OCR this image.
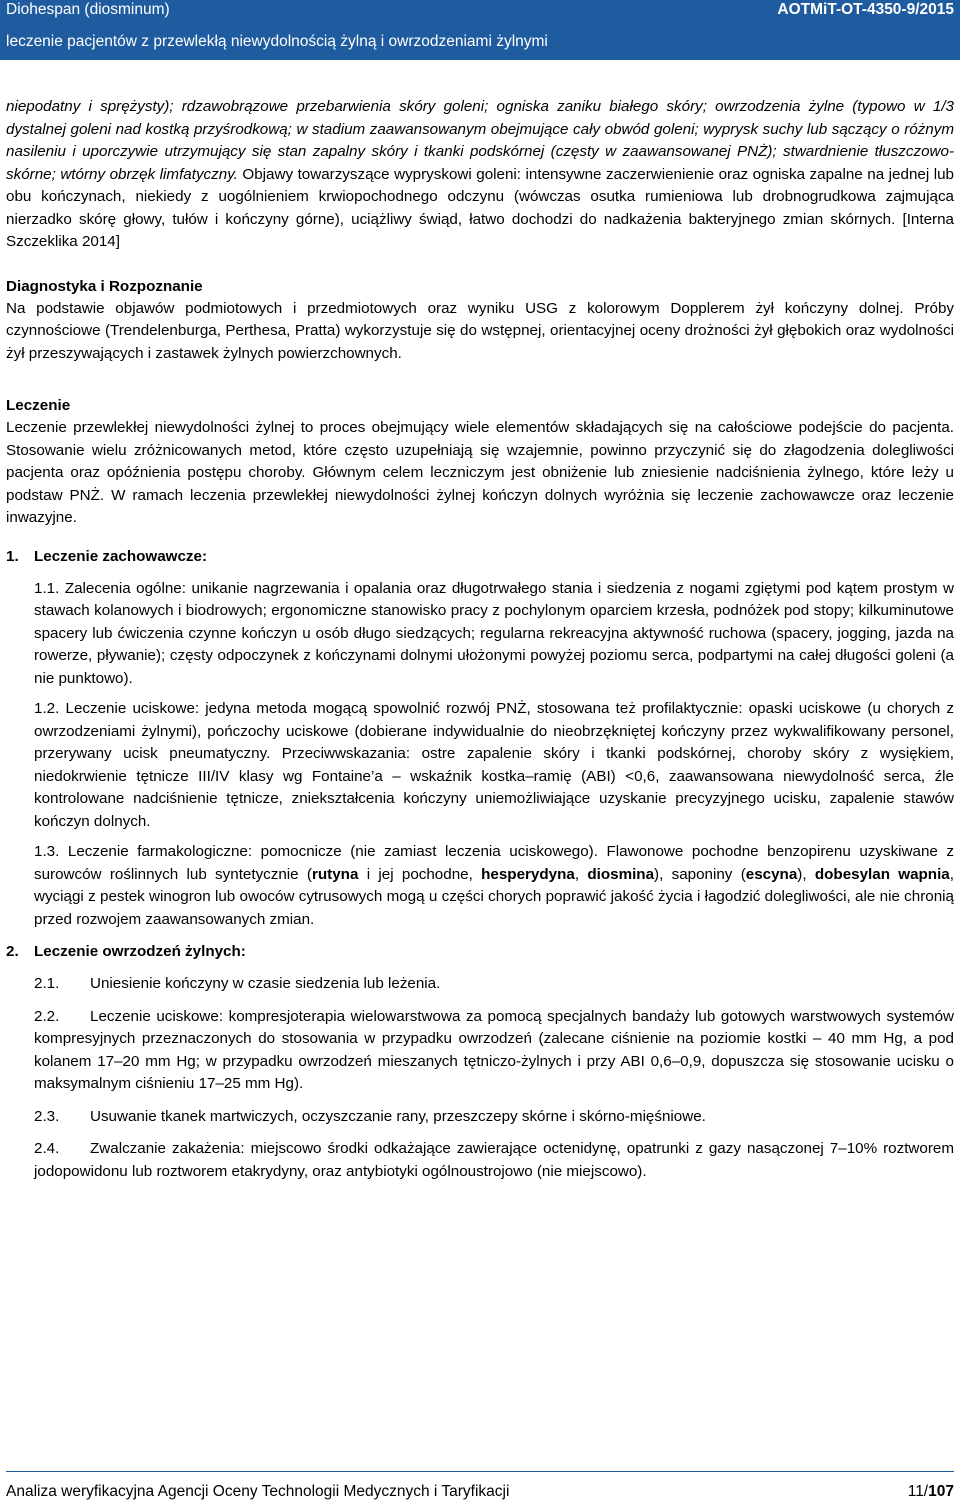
Diohespan (diosminum)	AOTMiT-OT-4350-9/2015
leczenie pacjentów z przewlekłą niewydolnością żylną i owrzodzeniami żylnymi

niepodatny i sprężysty); rdzawobrązowe przebarwienia skóry goleni; ogniska zaniku białego skóry; owrzodzenia żylne (typowo w 1/3 dystalnej goleni nad kostką przyśrodkową; w stadium zaawansowanym obejmujące cały obwód goleni; wyprysk suchy lub sączący o różnym nasileniu i uporczywie utrzymujący się stan zapalny skóry i tkanki podskórnej (częsty w zaawansowanej PNŻ); stwardnienie tłuszczowo-skórne; wtórny obrzęk limfatyczny. Objawy towarzyszące wypryskowi goleni: intensywne zaczerwienienie oraz ogniska zapalne na jednej lub obu kończynach, niekiedy z uogólnieniem krwiopochodnego odczynu (wówczas osutka rumieniowa lub drobnogrudkowa zajmująca nierzadko skórę głowy, tułów i kończyny górne), uciążliwy świąd, łatwo dochodzi do nadkażenia bakteryjnego zmian skórnych. [Interna Szczeklika 2014]

Diagnostyka i Rozpoznanie

Na podstawie objawów podmiotowych i przedmiotowych oraz wyniku USG z kolorowym Dopplerem żył kończyny dolnej. Próby czynnościowe (Trendelenburga, Perthesa, Pratta) wykorzystuje się do wstępnej, orientacyjnej oceny drożności żył głębokich oraz wydolności żył przeszywających i zastawek żylnych powierzchownych.

Leczenie

Leczenie przewlekłej niewydolności żylnej to proces obejmujący wiele elementów składających się na całościowe podejście do pacjenta. Stosowanie wielu zróżnicowanych metod, które często uzupełniają się wzajemnie, powinno przyczynić się do złagodzenia dolegliwości pacjenta oraz opóźnienia postępu choroby. Głównym celem leczniczym jest obniżenie lub zniesienie nadciśnienia żylnego, które leży u podstaw PNŻ. W ramach leczenia przewlekłej niewydolności żylnej kończyn dolnych wyróżnia się leczenie zachowawcze oraz leczenie inwazyjne.

1. Leczenie zachowawcze:

1.1. Zalecenia ogólne: unikanie nagrzewania i opalania oraz długotrwałego stania i siedzenia z nogami zgiętymi pod kątem prostym w stawach kolanowych i biodrowych; ergonomiczne stanowisko pracy z pochylonym oparciem krzesła, podnóżek pod stopy; kilkuminutowe spacery lub ćwiczenia czynne kończyn u osób długo siedzących; regularna rekreacyjna aktywność ruchowa (spacery, jogging, jazda na rowerze, pływanie); częsty odpoczynek z kończynami dolnymi ułożonymi powyżej poziomu serca, podpartymi na całej długości goleni (a nie punktowo).

1.2. Leczenie uciskowe: jedyna metoda mogącą spowolnić rozwój PNŻ, stosowana też profilaktycznie: opaski uciskowe (u chorych z owrzodzeniami żylnymi), pończochy uciskowe (dobierane indywidualnie do nieobrzękniętej kończyny przez wykwalifikowany personel, przerywany ucisk pneumatyczny. Przeciwwskazania: ostre zapalenie skóry i tkanki podskórnej, choroby skóry z wysiękiem, niedokrwienie tętnicze III/IV klasy wg Fontaine’a – wskaźnik kostka–ramię (ABI) <0,6, zaawansowana niewydolność serca, źle kontrolowane nadciśnienie tętnicze, zniekształcenia kończyny uniemożliwiające uzyskanie precyzyjnego ucisku, zapalenie stawów kończyn dolnych.

1.3. Leczenie farmakologiczne: pomocnicze (nie zamiast leczenia uciskowego). Flawonowe pochodne benzopirenu uzyskiwane z surowców roślinnych lub syntetycznie (rutyna i jej pochodne, hesperydyna, diosmina), saponiny (escyna), dobesylan wapnia, wyciągi z pestek winogron lub owoców cytrusowych mogą u części chorych poprawić jakość życia i łagodzić dolegliwości, ale nie chronią przed rozwojem zaawansowanych zmian.

2. Leczenie owrzodzeń żylnych:

2.1. Uniesienie kończyny w czasie siedzenia lub leżenia.

2.2. Leczenie uciskowe: kompresjoterapia wielowarstwowa za pomocą specjalnych bandaży lub gotowych warstwowych systemów kompresyjnych przeznaczonych do stosowania w przypadku owrzodzeń (zalecane ciśnienie na poziomie kostki – 40 mm Hg, a pod kolanem 17–20 mm Hg; w przypadku owrzodzeń mieszanych tętniczo-żylnych i przy ABI 0,6–0,9, dopuszcza się stosowanie ucisku o maksymalnym ciśnieniu 17–25 mm Hg).

2.3. Usuwanie tkanek martwiczych, oczyszczanie rany, przeszczepy skórne i skórno-mięśniowe.

2.4. Zwalczanie zakażenia: miejscowo środki odkażające zawierające octenidynę, opatrunki z gazy nasączonej 7–10% roztworem jodopowidonu lub roztworem etakrydyny, oraz antybiotyki ogólnoustrojowo (nie miejscowo).

Analiza weryfikacyjna Agencji Oceny Technologii Medycznych i Taryfikacji	11/107
